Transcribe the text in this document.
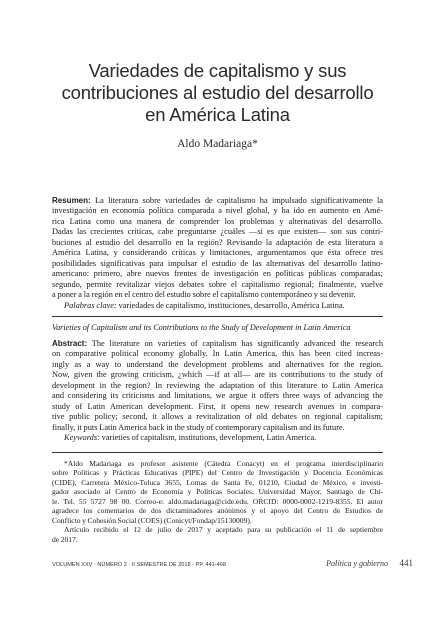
Variedades de capitalismo y sus
contribuciones al estudio del desarrollo
en América Latina
Aldo Madariaga*
Resumen: La literatura sobre variedades de capitalismo ha impulsado significativamente la
investigación en economía política comparada a nivel global, y ha ido en aumento en Amé-
rica Latina como una manera de comprender los problemas y alternativas del desarrollo.
Dadas las crecientes críticas, cabe preguntarse ¿cuáles —si es que existen— son sus contri-
buciones al estudio del desarrollo en la región? Revisando la adaptación de esta literatura a
América Latina, y considerando críticas y limitaciones, argumentamos que ésta ofrece tres
posibilidades significativas para impulsar el estudio de las alternativas del desarrollo latino-
americano: primero, abre nuevos frentes de investigación en políticas públicas comparadas;
segundo, permite revitalizar viejos debates sobre el capitalismo regional; finalmente, vuelve
a poner a la región en el centro del estudio sobre el capitalismo contemporáneo y su devenir.
Palabras clave: variedades de capitalismo, instituciones, desarrollo, América Latina.

Varieties of Capitalism and its Contributions to the Study of Development in Latin America

Abstract: The literature on varieties of capitalism has significantly advanced the research
on comparative political economy globally. In Latin America, this has been cited increas-
ingly as a way to understand the development problems and alternatives for the region.
Now, given the growing criticism, ¿which —if at all— are its contributions to the study of
development in the region? In reviewing the adaptation of this literature to Latin America
and considering its criticisms and limitations, we argue it offers three ways of advancing the
study of Latin American development. First, it opens new research avenues in compara-
tive public policy; second, it allows a revitalization of old debates on regional capitalism;
finally, it puts Latin America back in the study of contemporary capitalism and its future.
Keywords: varieties of capitalism, institutions, development, Latin America.
*Aldo Madariaga es profesor asistente (Cátedra Conacyt) en el programa interdisciplinario
sobre Políticas y Prácticas Educativas (PIPE) del Centro de Investigación y Docencia Económicas
(CIDE), Carretera México-Toluca 3655, Lomas de Santa Fe, 01210, Ciudad de México, e investi-
gador asociado al Centro de Economía y Políticas Sociales, Universidad Mayor, Santiago de Chi-
le. Tel. 55 5727 98 00. Correo-e: aldo.madariaga@cide.edu. ORCID: 0000-0002-1219-8355. El autor
agradece los comentarios de dos dictaminadores anónimos y el apoyo del Centro de Estudios de
Conflicto y Cohesión Social (COES) (Conicyt/Fondap/15130009).
Artículo recibido el 12 de julio de 2017 y aceptado para su publicación el 11 de septiembre
de 2017.
VOLUMEN XXV · NÚMERO 2 · II SEMESTRE DE 2018 · PP. 441-468	Política y gobierno 441
